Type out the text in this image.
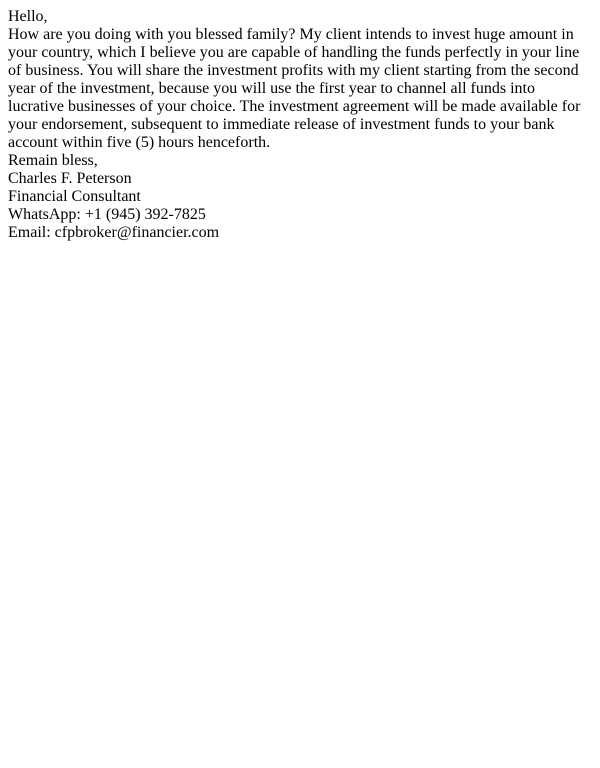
Hello,
How are you doing with you blessed family? My client intends to invest huge amount in your country, which I believe you are capable of handling the funds perfectly in your line of business. You will share the investment profits with my client starting from the second year of the investment, because you will use the first year to channel all funds into lucrative businesses of your choice. The investment agreement will be made available for your endorsement, subsequent to immediate release of investment funds to your bank account within five (5) hours henceforth.
Remain bless,
Charles F. Peterson
Financial Consultant
WhatsApp: +1 (945) 392-7825
Email: cfpbroker@financier.com
